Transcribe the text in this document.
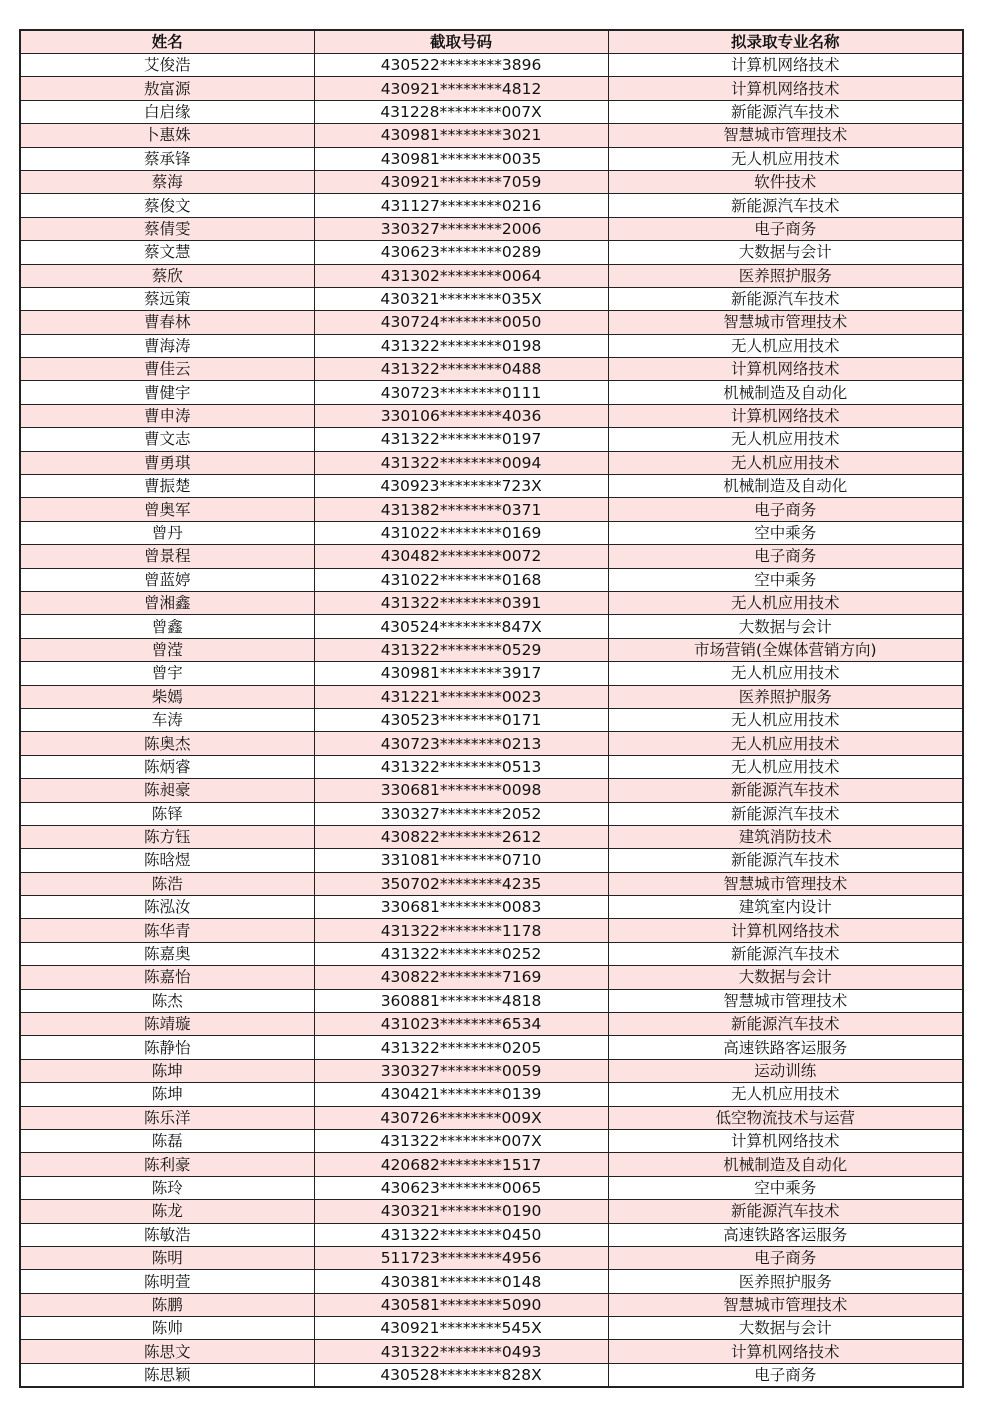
姓名	截取号码	拟录取专业名称
艾俊浩	430522********3896	计算机网络技术
敖富源	430921********4812	计算机网络技术
白启缘	431228********007X	新能源汽车技术
卜惠姝	430981********3021	智慧城市管理技术
蔡承锋	430981********0035	无人机应用技术
蔡海	430921********7059	软件技术
蔡俊文	431127********0216	新能源汽车技术
蔡倩雯	330327********2006	电子商务
蔡文慧	430623********0289	大数据与会计
蔡欣	431302********0064	医养照护服务
蔡远策	430321********035X	新能源汽车技术
曹春林	430724********0050	智慧城市管理技术
曹海涛	431322********0198	无人机应用技术
曹佳云	431322********0488	计算机网络技术
曹健宇	430723********0111	机械制造及自动化
曹申涛	330106********4036	计算机网络技术
曹文志	431322********0197	无人机应用技术
曹勇琪	431322********0094	无人机应用技术
曹振楚	430923********723X	机械制造及自动化
曾奥军	431382********0371	电子商务
曾丹	431022********0169	空中乘务
曾景程	430482********0072	电子商务
曾蓝婷	431022********0168	空中乘务
曾湘鑫	431322********0391	无人机应用技术
曾鑫	430524********847X	大数据与会计
曾滢	431322********0529	市场营销(全媒体营销方向)
曾宇	430981********3917	无人机应用技术
柴嫣	431221********0023	医养照护服务
车涛	430523********0171	无人机应用技术
陈奥杰	430723********0213	无人机应用技术
陈炳睿	431322********0513	无人机应用技术
陈昶豪	330681********0098	新能源汽车技术
陈铎	330327********2052	新能源汽车技术
陈方钰	430822********2612	建筑消防技术
陈晗煜	331081********0710	新能源汽车技术
陈浩	350702********4235	智慧城市管理技术
陈泓汝	330681********0083	建筑室内设计
陈华青	431322********1178	计算机网络技术
陈嘉奥	431322********0252	新能源汽车技术
陈嘉怡	430822********7169	大数据与会计
陈杰	360881********4818	智慧城市管理技术
陈靖璇	431023********6534	新能源汽车技术
陈静怡	431322********0205	高速铁路客运服务
陈坤	330327********0059	运动训练
陈坤	430421********0139	无人机应用技术
陈乐洋	430726********009X	低空物流技术与运营
陈磊	431322********007X	计算机网络技术
陈利豪	420682********1517	机械制造及自动化
陈玲	430623********0065	空中乘务
陈龙	430321********0190	新能源汽车技术
陈敏浩	431322********0450	高速铁路客运服务
陈明	511723********4956	电子商务
陈明萱	430381********0148	医养照护服务
陈鹏	430581********5090	智慧城市管理技术
陈帅	430921********545X	大数据与会计
陈思文	431322********0493	计算机网络技术
陈思颖	430528********828X	电子商务
